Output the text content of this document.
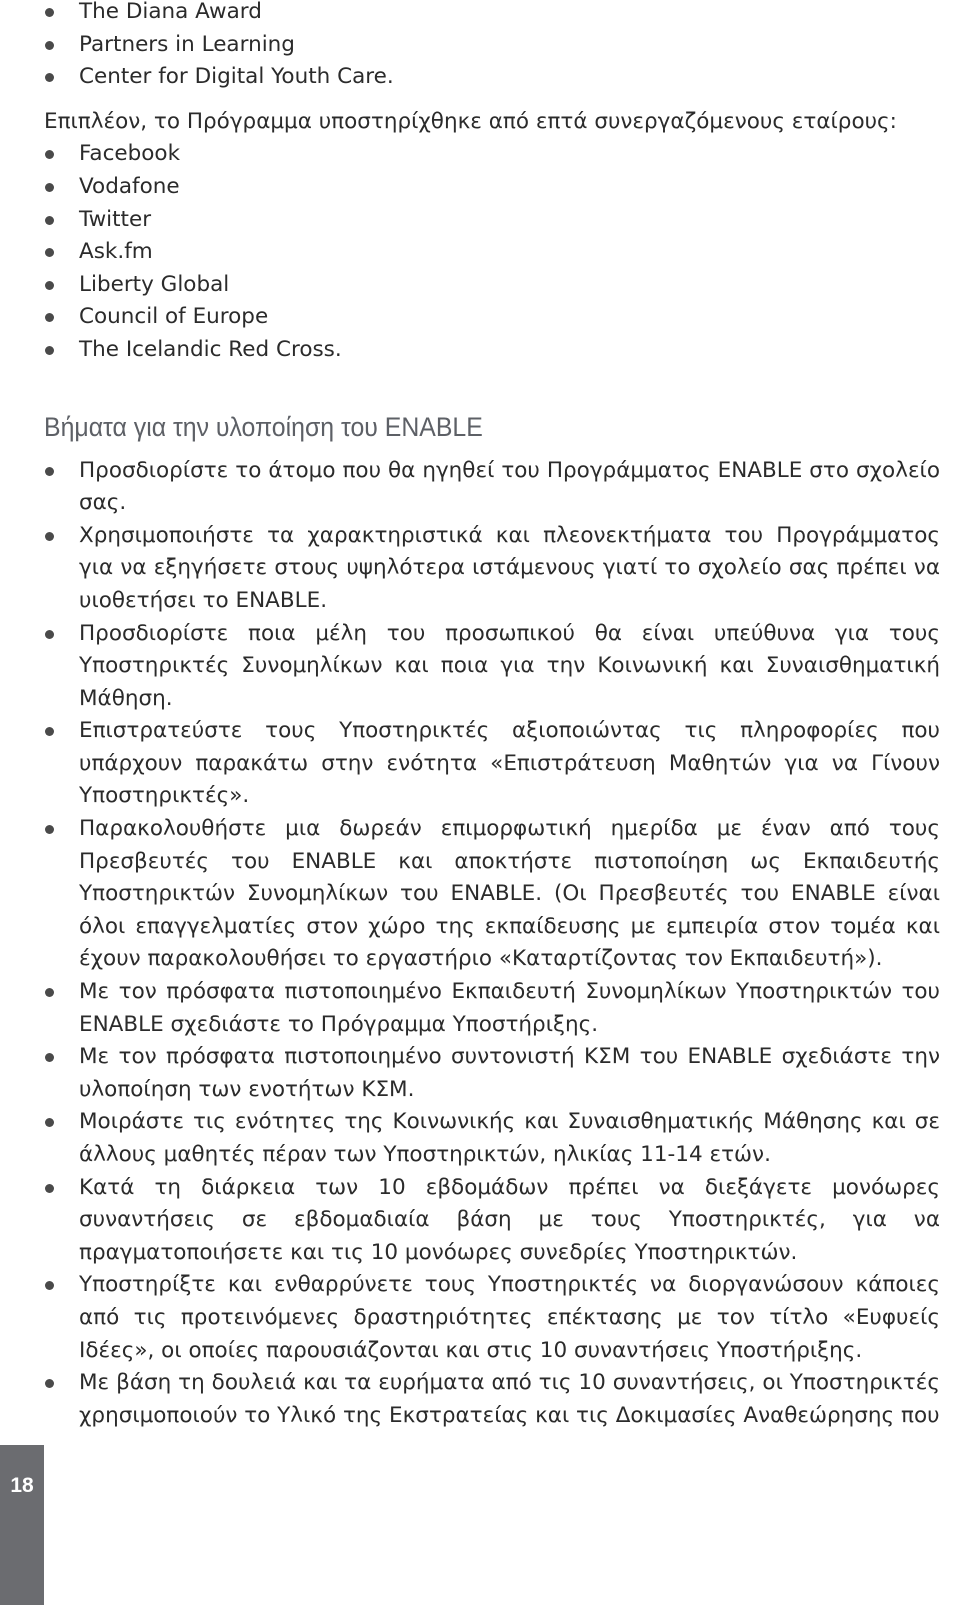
The Diana Award
Partners in Learning
Center for Digital Youth Care.

Επιπλέον, το Πρόγραμμα υποστηρίχθηκε από επτά συνεργαζόμενους εταίρους:

Facebook
Vodafone
Twitter
Ask.fm
Liberty Global
Council of Europe
The Icelandic Red Cross.
Βήματα για την υλοποίηση του ENABLE
Προσδιορίστε το άτομο που θα ηγηθεί του Προγράμματος ENABLE στο σχολείο σας.
Χρησιμοποιήστε τα χαρακτηριστικά και πλεονεκτήματα του Προγράμματος για να εξηγήσετε στους υψηλότερα ιστάμενους γιατί το σχολείο σας πρέπει να υιοθετήσει το ENABLE.
Προσδιορίστε ποια μέλη του προσωπικού θα είναι υπεύθυνα για τους Υποστηρικτές Συνομηλίκων και ποια για την Κοινωνική και Συναισθηματική Μάθηση.
Επιστρατεύστε τους Υποστηρικτές αξιοποιώντας τις πληροφορίες που υπάρχουν παρακάτω στην ενότητα «Επιστράτευση Μαθητών για να Γίνουν Υποστηρικτές».
Παρακολουθήστε μια δωρεάν επιμορφωτική ημερίδα με έναν από τους Πρεσβευτές του ENABLE και αποκτήστε πιστοποίηση ως Εκπαιδευτής Υποστηρικτών Συνομηλίκων του ENABLE. (Οι Πρεσβευτές του ENABLE είναι όλοι επαγγελματίες στον χώρο της εκπαίδευσης με εμπειρία στον τομέα και έχουν παρακολουθήσει το εργαστήριο «Καταρτίζοντας τον Εκπαιδευτή»).
Με τον πρόσφατα πιστοποιημένο Εκπαιδευτή Συνομηλίκων Υποστηρικτών του ENABLE σχεδιάστε το Πρόγραμμα Υποστήριξης.
Με τον πρόσφατα πιστοποιημένο συντονιστή ΚΣΜ του ENABLE σχεδιάστε την υλοποίηση των ενοτήτων ΚΣΜ.
Μοιράστε τις ενότητες της Κοινωνικής και Συναισθηματικής Μάθησης και σε άλλους μαθητές πέραν των Υποστηρικτών, ηλικίας 11-14 ετών.
Κατά τη διάρκεια των 10 εβδομάδων πρέπει να διεξάγετε μονόωρες συναντήσεις σε εβδομαδιαία βάση με τους Υποστηρικτές, για να πραγματοποιήσετε και τις 10 μονόωρες συνεδρίες Υποστηρικτών.
Υποστηρίξτε και ενθαρρύνετε τους Υποστηρικτές να διοργανώσουν κάποιες από τις προτεινόμενες δραστηριότητες επέκτασης με τον τίτλο «Ευφυείς Ιδέες», οι οποίες παρουσιάζονται και στις 10 συναντήσεις Υποστήριξης.
Με βάση τη δουλειά και τα ευρήματα από τις 10 συναντήσεις, οι Υποστηρικτές χρησιμοποιούν το Υλικό της Εκστρατείας και τις Δοκιμασίες Αναθεώρησης που
18
